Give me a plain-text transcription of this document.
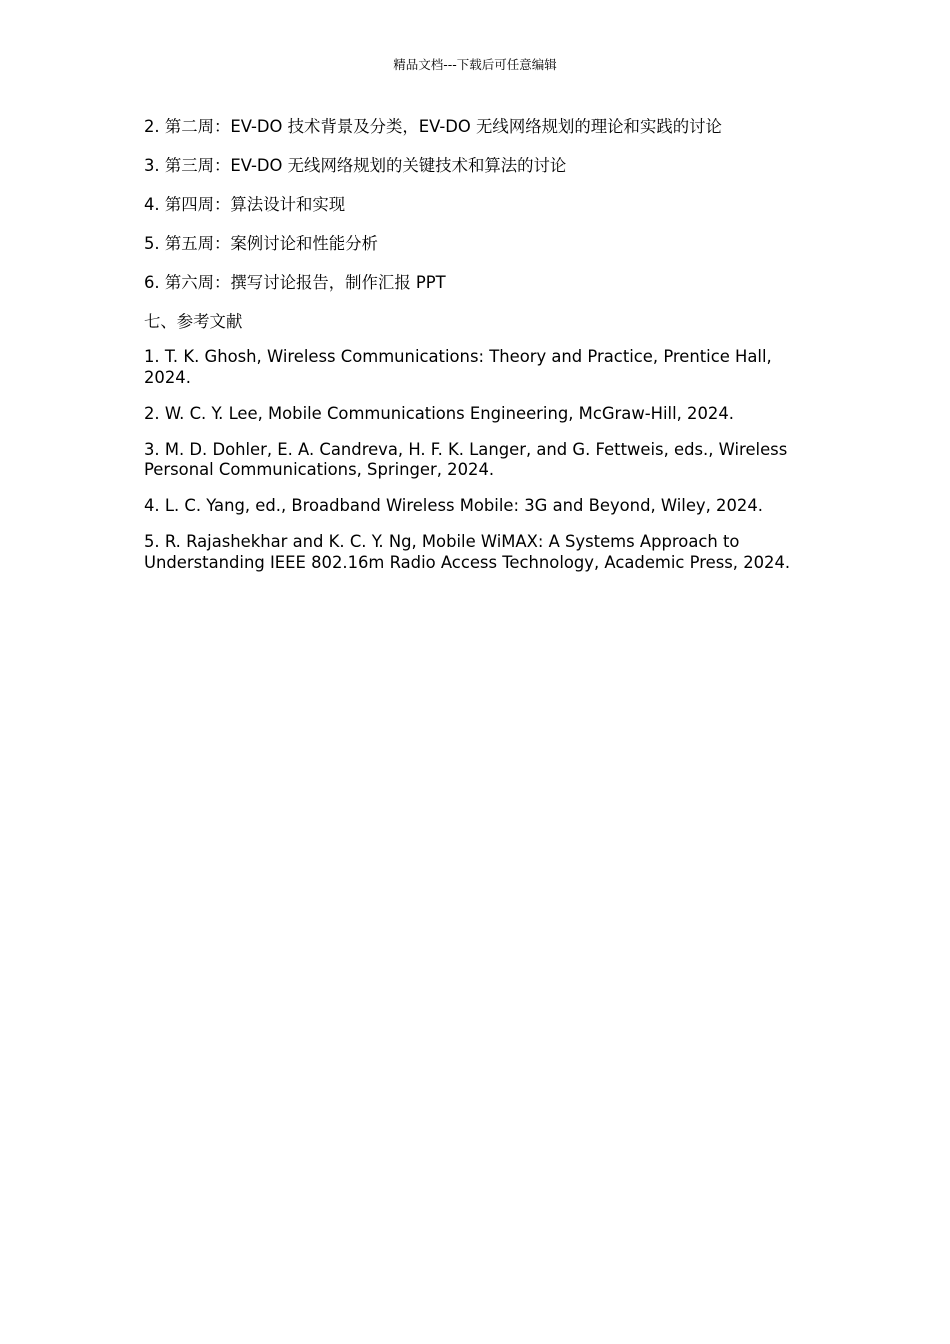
精品文档---下载后可任意编辑

2. 第二周：EV-DO 技术背景及分类，EV-DO 无线网络规划的理论和实践的讨论

3. 第三周：EV-DO 无线网络规划的关键技术和算法的讨论

4. 第四周：算法设计和实现

5. 第五周：案例讨论和性能分析

6. 第六周：撰写讨论报告，制作汇报 PPT

七、参考文献

1. T. K. Ghosh, Wireless Communications: Theory and Practice, Prentice Hall, 2024.

2. W. C. Y. Lee, Mobile Communications Engineering, McGraw-Hill, 2024.

3. M. D. Dohler, E. A. Candreva, H. F. K. Langer, and G. Fettweis, eds., Wireless Personal Communications, Springer, 2024.

4. L. C. Yang, ed., Broadband Wireless Mobile: 3G and Beyond, Wiley, 2024.

5. R. Rajashekhar and K. C. Y. Ng, Mobile WiMAX: A Systems Approach to Understanding IEEE 802.16m Radio Access Technology, Academic Press, 2024.
